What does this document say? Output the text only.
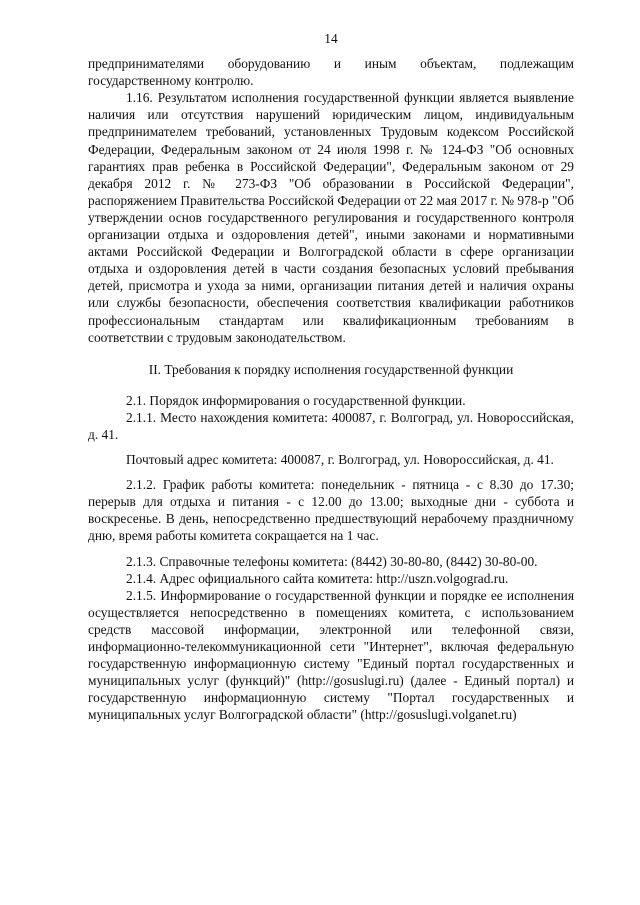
14

предпринимателями оборудованию и иным объектам, подлежащим государственному контролю.

1.16. Результатом исполнения государственной функции является выявление наличия или отсутствия нарушений юридическим лицом, индивидуальным предпринимателем требований, установленных Трудовым кодексом Российской Федерации, Федеральным законом от 24 июля 1998 г. № 124-ФЗ "Об основных гарантиях прав ребенка в Российской Федерации", Федеральным законом от 29 декабря 2012 г. № 273-ФЗ "Об образовании в Российской Федерации", распоряжением Правительства Российской Федерации от 22 мая 2017 г. № 978-р "Об утверждении основ государственного регулирования и государственного контроля организации отдыха и оздоровления детей", иными законами и нормативными актами Российской Федерации и Волгоградской области в сфере организации отдыха и оздоровления детей в части создания безопасных условий пребывания детей, присмотра и ухода за ними, организации питания детей и наличия охраны или службы безопасности, обеспечения соответствия квалификации работников профессиональным стандартам или квалификационным требованиям в соответствии с трудовым законодательством.

II. Требования к порядку исполнения государственной функции

2.1. Порядок информирования о государственной функции.

2.1.1. Место нахождения комитета: 400087, г. Волгоград, ул. Новороссийская, д. 41.

Почтовый адрес комитета: 400087, г. Волгоград, ул. Новороссийская, д. 41.

2.1.2. График работы комитета: понедельник - пятница - с 8.30 до 17.30; перерыв для отдыха и питания - с 12.00 до 13.00; выходные дни - суббота и воскресенье. В день, непосредственно предшествующий нерабочему праздничному дню, время работы комитета сокращается на 1 час.

2.1.3. Справочные телефоны комитета: (8442) 30-80-80, (8442) 30-80-00.

2.1.4. Адрес официального сайта комитета: http://uszn.volgograd.ru.

2.1.5. Информирование о государственной функции и порядке ее исполнения осуществляется непосредственно в помещениях комитета, с использованием средств массовой информации, электронной или телефонной связи, информационно-телекоммуникационной сети "Интернет", включая федеральную государственную информационную систему "Единый портал государственных и муниципальных услуг (функций)" (http://gosuslugi.ru) (далее - Единый портал) и государственную информационную систему "Портал государственных и муниципальных услуг Волгоградской области" (http://gosuslugi.volganet.ru)
